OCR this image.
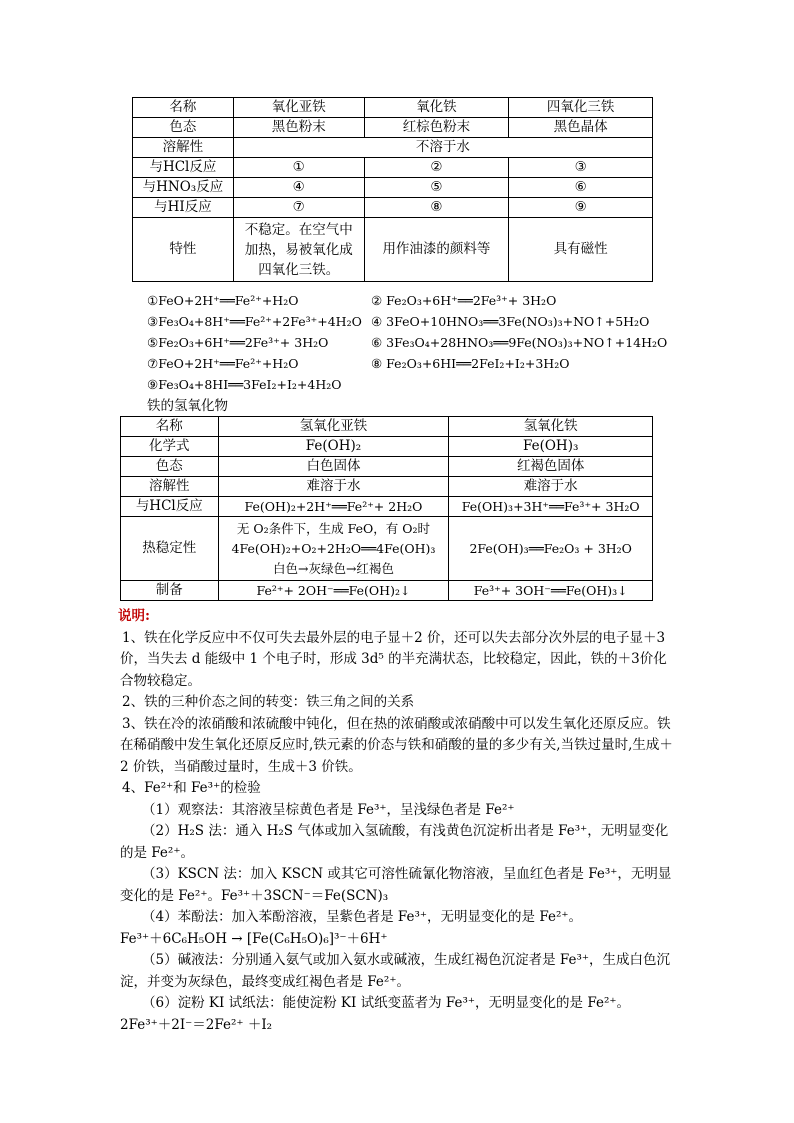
名称	氧化亚铁	氧化铁	四氧化三铁
色态	黑色粉末	红棕色粉末	黑色晶体
溶解性	不溶于水		
与HCl反应	①	②	③
与HNO₃反应	④	⑤	⑥
与HI反应	⑦	⑧	⑨
特性	不稳定。在空气中加热，易被氧化成四氧化三铁。	用作油漆的颜料等	具有磁性
①FeO+2H⁺══Fe²⁺+H₂O
③Fe₃O₄+8H⁺══Fe²⁺+2Fe³⁺+4H₂O
⑤Fe₂O₃+6H⁺══2Fe³⁺+ 3H₂O
⑦FeO+2H⁺══Fe²⁺+H₂O
⑨Fe₃O₄+8HI══3FeI₂+I₂+4H₂O
② Fe₂O₃+6H⁺══2Fe³⁺+ 3H₂O
④ 3FeO+10HNO₃══3Fe(NO₃)₃+NO↑+5H₂O
⑥ 3Fe₃O₄+28HNO₃══9Fe(NO₃)₃+NO↑+14H₂O
⑧ Fe₂O₃+6HI══2FeI₂+I₂+3H₂O
铁的氢氧化物
名称	氢氧化亚铁	氢氧化铁
化学式	Fe(OH)₂	Fe(OH)₃
色态	白色固体	红褐色固体
溶解性	难溶于水	难溶于水
与HCl反应	Fe(OH)₂+2H⁺══Fe²⁺+ 2H₂O	Fe(OH)₃+3H⁺══Fe³⁺+ 3H₂O
热稳定性	无 O₂条件下，生成 FeO，有 O₂时
4Fe(OH)₂+O₂+2H₂O══4Fe(OH)₃
白色→灰绿色→红褐色	2Fe(OH)₃══Fe₂O₃ + 3H₂O
制备	Fe²⁺+ 2OH⁻══Fe(OH)₂↓	Fe³⁺+ 3OH⁻══Fe(OH)₃↓

说明:

1、铁在化学反应中不仅可失去最外层的电子显＋2 价，还可以失去部分次外层的电子显＋3 价，当失去 d 能级中 1 个电子时，形成 3d⁵ 的半充满状态，比较稳定，因此，铁的＋3价化合物较稳定。

2、铁的三种价态之间的转变：铁三角之间的关系

3、铁在冷的浓硝酸和浓硫酸中钝化，但在热的浓硝酸或浓硝酸中可以发生氧化还原反应。铁在稀硝酸中发生氧化还原反应时,铁元素的价态与铁和硝酸的量的多少有关,当铁过量时,生成＋2 价铁，当硝酸过量时，生成＋3 价铁。

4、Fe²⁺和 Fe³⁺的检验

（1）观察法：其溶液呈棕黄色者是 Fe³⁺，呈浅绿色者是 Fe²⁺

（2）H₂S 法：通入 H₂S 气体或加入氢硫酸，有浅黄色沉淀析出者是 Fe³⁺，无明显变化的是 Fe²⁺。

（3）KSCN 法：加入 KSCN 或其它可溶性硫氰化物溶液，呈血红色者是 Fe³⁺，无明显变化的是 Fe²⁺。Fe³⁺＋3SCN⁻＝Fe(SCN)₃

（4）苯酚法：加入苯酚溶液，呈紫色者是 Fe³⁺，无明显变化的是 Fe²⁺。

Fe³⁺＋6C₆H₅OH → [Fe(C₆H₅O)₆]³⁻＋6H⁺

（5）碱液法：分别通入氨气或加入氨水或碱液，生成红褐色沉淀者是 Fe³⁺，生成白色沉淀，并变为灰绿色，最终变成红褐色者是 Fe²⁺。

（6）淀粉 KI 试纸法：能使淀粉 KI 试纸变蓝者为 Fe³⁺，无明显变化的是 Fe²⁺。

2Fe³⁺＋2I⁻＝2Fe²⁺ ＋I₂
